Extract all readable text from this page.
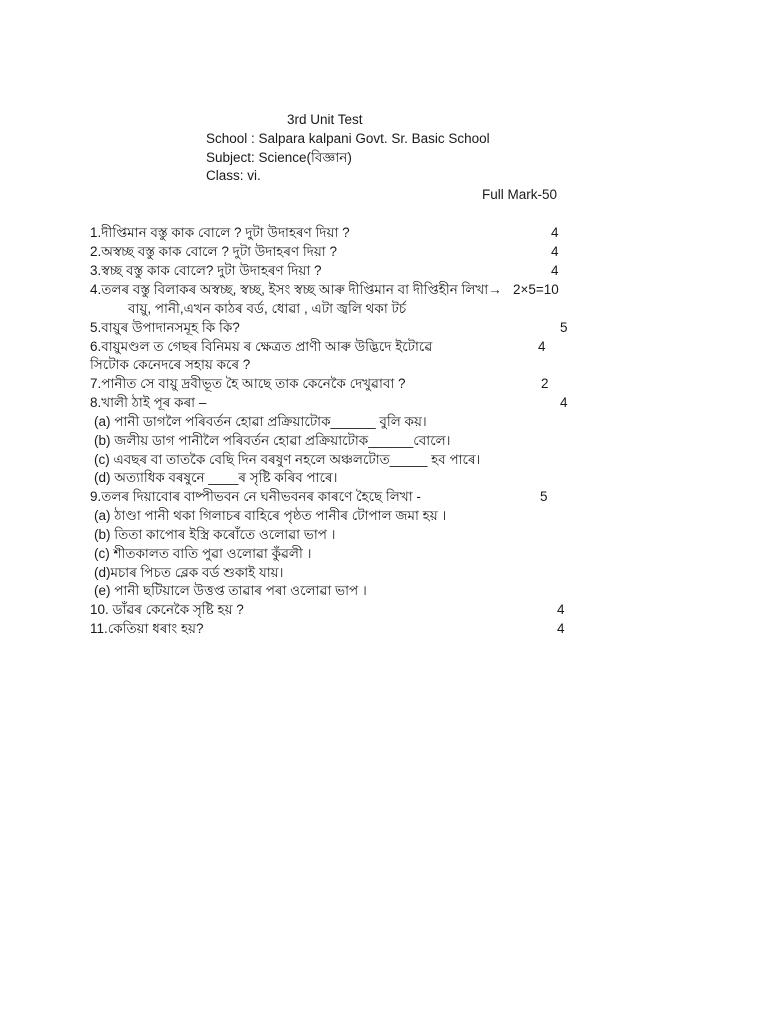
3rd Unit Test
School : Salpara kalpani Govt. Sr. Basic School
Subject: Science(বিজ্ঞান)
Class: vi.
Full Mark-50
1.দীপ্তিমান বস্তু কাক বোলে ? দুটা উদাহৰণ দিয়া ?	4
2.অস্বচ্ছ বস্তু কাক বোলে ? দুটা উদাহৰণ দিয়া ?	4
3.স্বচ্ছ বস্তু কাক বোলে? দুটা উদাহৰণ দিয়া ?	4
4.তলৰ বস্তু বিলাকৰ অস্বচ্ছ, স্বচ্ছ, ইসং স্বচ্ছ আৰু দীপ্তিমান বা দীপ্তিহীন লিখা→ 2×5=10
বায়ু, পানী,এখন কাঠৰ বৰ্ড, ধোৱা , এটা জ্বলি থকা টৰ্চ
5.বায়ুৰ উপাদানসমূহ কি কি?	5
6.বায়ুমণ্ডল ত গেছৰ বিনিময় ৰ ক্ষেত্ৰত প্ৰাণী আৰু উদ্ভিদে ইটোৱে	4
সিটোক কেনেদৰে সহায় কৰে ?
7.পানীত সে বায়ু দ্ৰবীভূত হৈ আছে তাক কেনেকৈ দেখুৱাবা ?	2
8.খালী ঠাই পূৰ কৰা –	4
(a) পানী ডাগলৈ পৰিবৰ্তন হোৱা প্ৰক্ৰিয়াটোক______ বুলি কয়।
(b) জলীয় ডাগ পানীলৈ পৰিবৰ্তন হোৱা প্ৰক্ৰিয়াটোক______বোলে।
(c) এবছৰ বা তাতকৈ বেছি দিন বৰষুণ নহলে অঞ্চলটোত_____ হব পাৰে।
(d) অত্যাধিক বৰষুনে ____ৰ সৃষ্টি কৰিব পাৰে।
9.তলৰ দিয়াবোৰ বাষ্পীভবন নে ঘনীভবনৰ কাৰণে হৈছে লিখা -	5
(a) ঠাণ্ডা পানী থকা গিলাচৰ বাহিৰে পৃষ্ঠত পানীৰ টোপাল জমা হয় ।
(b) তিতা কাপোৰ ইস্ত্ৰি কৰোঁতে ওলোৱা ভাপ ।
(c) শীতকালত বাতি পুৱা ওলোৱা কুঁৱলী ।
(d)মচাৰ পিচত ব্লেক বৰ্ড শুকাই যায়।
(e) পানী ছটিয়ালে উত্তপ্ত তাৱাৰ পৰা ওলোৱা ভাপ ।
10. ডাঁৱৰ কেনেকৈ সৃষ্টি হয় ?	4
11.কেতিয়া ধৰাং হয়?	4
